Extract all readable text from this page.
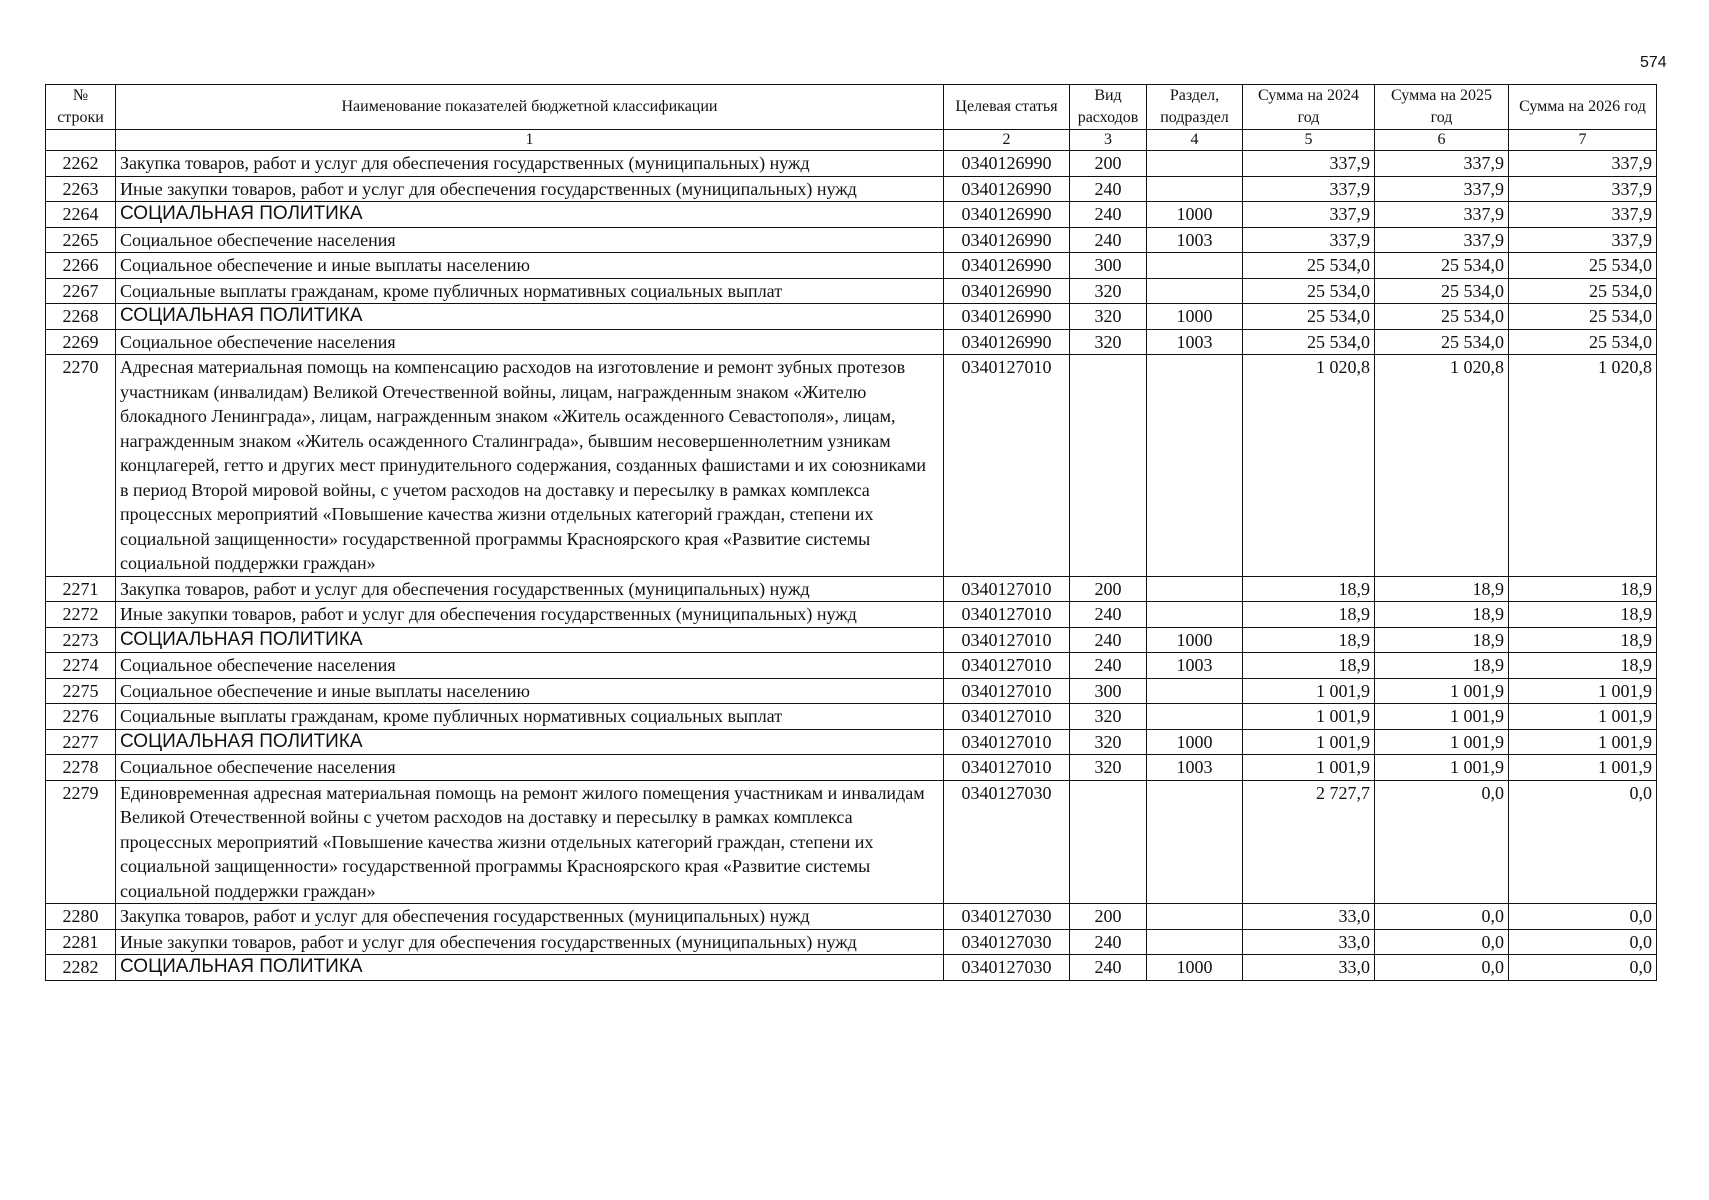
574
№ строки	Наименование показателей бюджетной классификации	Целевая статья	Вид расходов	Раздел, подраздел	Сумма на 2024 год	Сумма на 2025 год	Сумма на 2026 год
	1	2	3	4	5	6	7
2262	Закупка товаров, работ и услуг для обеспечения государственных (муниципальных) нужд	0340126990	200		337,9	337,9	337,9
2263	Иные закупки товаров, работ и услуг для обеспечения государственных (муниципальных) нужд	0340126990	240		337,9	337,9	337,9
2264	СОЦИАЛЬНАЯ ПОЛИТИКА	0340126990	240	1000	337,9	337,9	337,9
2265	Социальное обеспечение населения	0340126990	240	1003	337,9	337,9	337,9
2266	Социальное обеспечение и иные выплаты населению	0340126990	300		25 534,0	25 534,0	25 534,0
2267	Социальные выплаты гражданам, кроме публичных нормативных социальных выплат	0340126990	320		25 534,0	25 534,0	25 534,0
2268	СОЦИАЛЬНАЯ ПОЛИТИКА	0340126990	320	1000	25 534,0	25 534,0	25 534,0
2269	Социальное обеспечение населения	0340126990	320	1003	25 534,0	25 534,0	25 534,0
2270	Адресная материальная помощь на компенсацию расходов на изготовление и ремонт зубных протезов участникам (инвалидам) Великой Отечественной войны, лицам, награжденным знаком «Жителю блокадного Ленинграда», лицам, награжденным знаком «Житель осажденного Севастополя», лицам, награжденным знаком «Житель осажденного Сталинграда», бывшим несовершеннолетним узникам концлагерей, гетто и других мест принудительного содержания, созданных фашистами и их союзниками в период Второй мировой войны, с учетом расходов на доставку и пересылку в рамках комплекса процессных мероприятий «Повышение качества жизни отдельных категорий граждан, степени их социальной защищенности» государственной программы Красноярского края «Развитие системы социальной поддержки граждан»	0340127010			1 020,8	1 020,8	1 020,8
2271	Закупка товаров, работ и услуг для обеспечения государственных (муниципальных) нужд	0340127010	200		18,9	18,9	18,9
2272	Иные закупки товаров, работ и услуг для обеспечения государственных (муниципальных) нужд	0340127010	240		18,9	18,9	18,9
2273	СОЦИАЛЬНАЯ ПОЛИТИКА	0340127010	240	1000	18,9	18,9	18,9
2274	Социальное обеспечение населения	0340127010	240	1003	18,9	18,9	18,9
2275	Социальное обеспечение и иные выплаты населению	0340127010	300		1 001,9	1 001,9	1 001,9
2276	Социальные выплаты гражданам, кроме публичных нормативных социальных выплат	0340127010	320		1 001,9	1 001,9	1 001,9
2277	СОЦИАЛЬНАЯ ПОЛИТИКА	0340127010	320	1000	1 001,9	1 001,9	1 001,9
2278	Социальное обеспечение населения	0340127010	320	1003	1 001,9	1 001,9	1 001,9
2279	Единовременная адресная материальная помощь на ремонт жилого помещения участникам и инвалидам Великой Отечественной войны с учетом расходов на доставку и пересылку в рамках комплекса процессных мероприятий «Повышение качества жизни отдельных категорий граждан, степени их социальной защищенности» государственной программы Красноярского края «Развитие системы социальной поддержки граждан»	0340127030			2 727,7	0,0	0,0
2280	Закупка товаров, работ и услуг для обеспечения государственных (муниципальных) нужд	0340127030	200		33,0	0,0	0,0
2281	Иные закупки товаров, работ и услуг для обеспечения государственных (муниципальных) нужд	0340127030	240		33,0	0,0	0,0
2282	СОЦИАЛЬНАЯ ПОЛИТИКА	0340127030	240	1000	33,0	0,0	0,0
